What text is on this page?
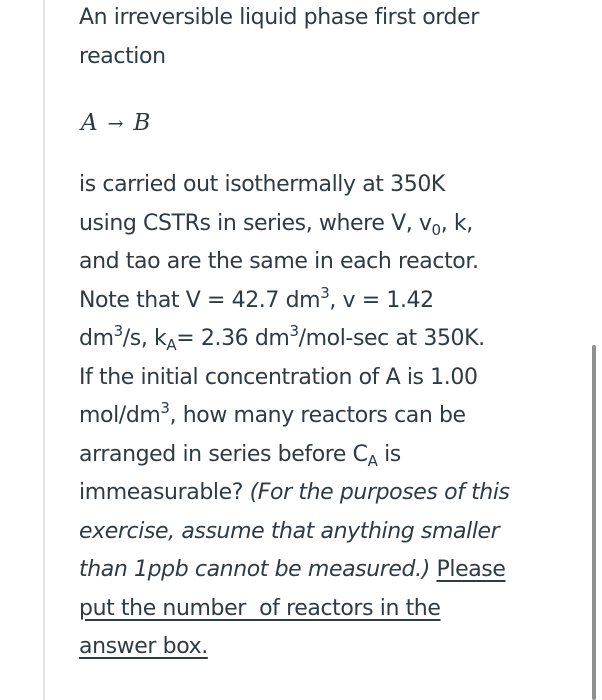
An irreversible liquid phase first order
reaction

A → B

is carried out isothermally at 350K
using CSTRs in series, where V, $v_0$, k,
and tao are the same in each reactor.
Note that V = 42.7 $dm^3$, v = 1.42
$dm^3/s$, $k_A= 2.36$ $dm^3/mol-\sec$ at 350K.
If the initial concentration of A is 1.00
mol/$dm^3$, how many reactors can be
arranged in series before $C_A$ is
immeasurable? (For the purposes of this
exercise, assume that anything smaller
than 1ppb cannot be measured.) Please
put the number  of reactors in the
answer box.
